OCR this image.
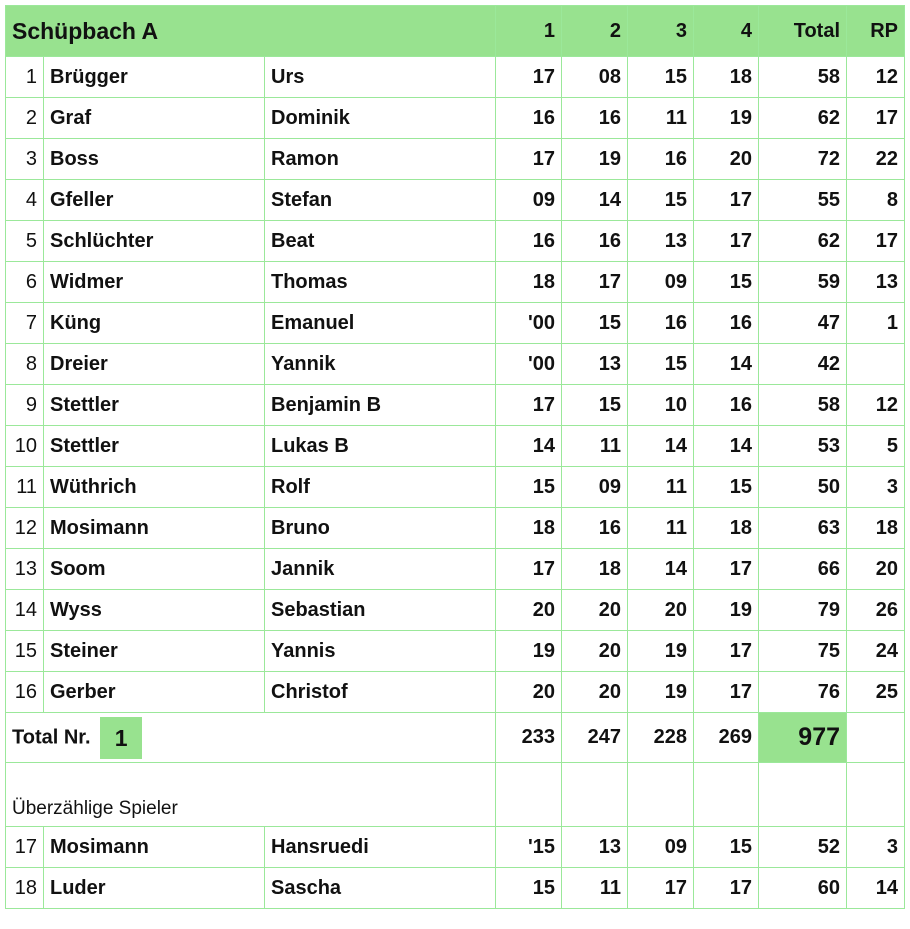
Schüpbach A			1	2	3	4	Total	RP
1	Brügger	Urs	17	08	15	18	58	12
2	Graf	Dominik	16	16	11	19	62	17
3	Boss	Ramon	17	19	16	20	72	22
4	Gfeller	Stefan	09	14	15	17	55	8
5	Schlüchter	Beat	16	16	13	17	62	17
6	Widmer	Thomas	18	17	09	15	59	13
7	Küng	Emanuel	'00	15	16	16	47	1
8	Dreier	Yannik	'00	13	15	14	42	
9	Stettler	Benjamin B	17	15	10	16	58	12
10	Stettler	Lukas B	14	11	14	14	53	5
11	Wüthrich	Rolf	15	09	11	15	50	3
12	Mosimann	Bruno	18	16	11	18	63	18
13	Soom	Jannik	17	18	14	17	66	20
14	Wyss	Sebastian	20	20	20	19	79	26
15	Steiner	Yannis	19	20	19	17	75	24
16	Gerber	Christof	20	20	19	17	76	25
Total Nr. 1			233	247	228	269	977	
Überzählige Spieler								
17	Mosimann	Hansruedi	'15	13	09	15	52	3
18	Luder	Sascha	15	11	17	17	60	14
